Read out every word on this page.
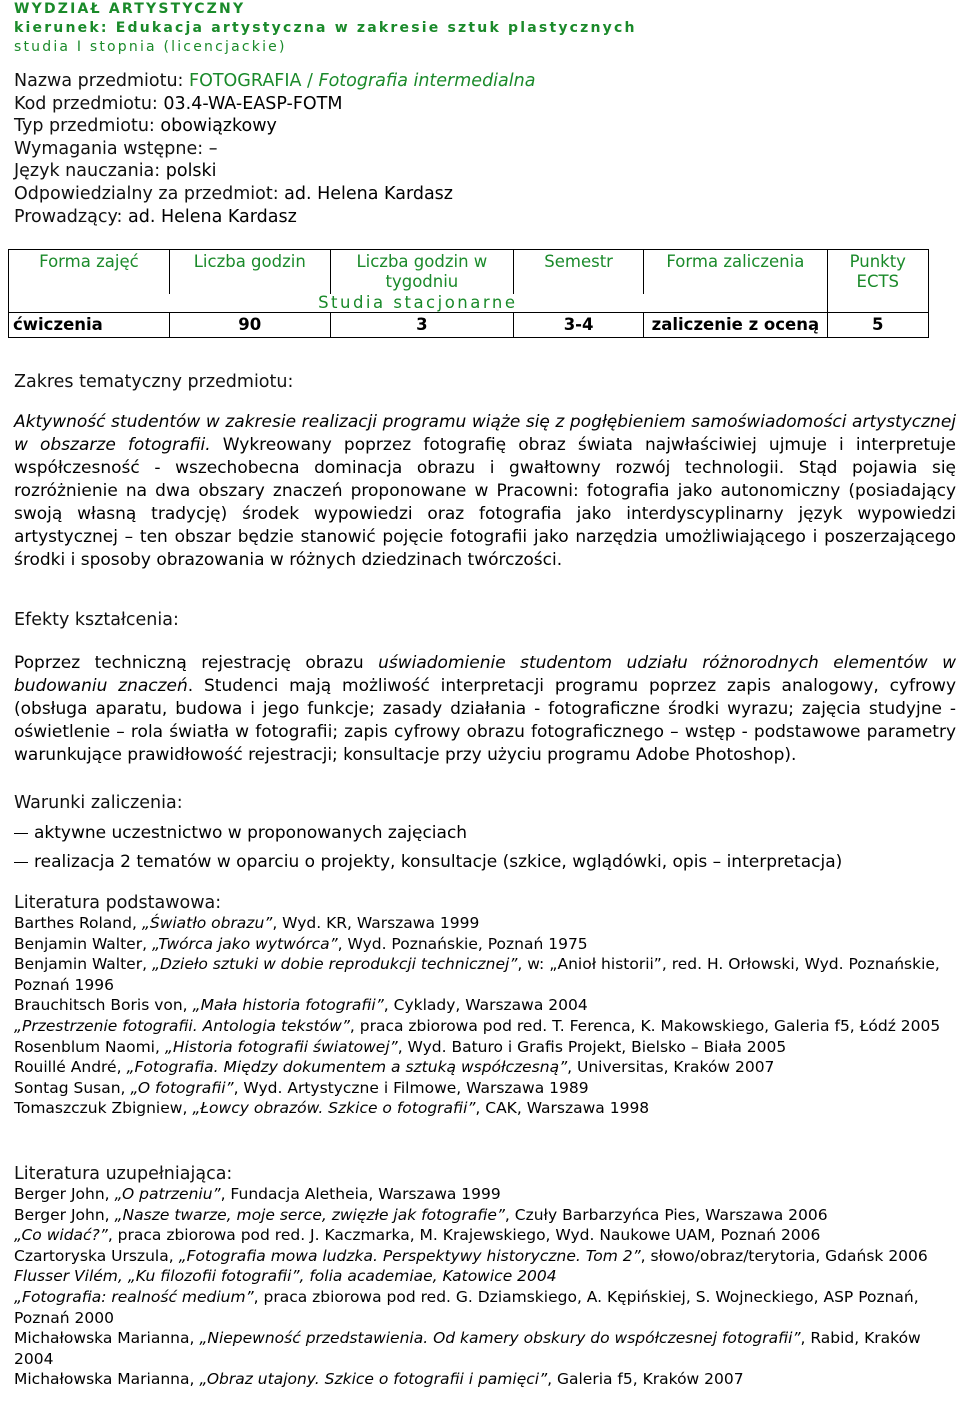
WYDZIAŁ ARTYSTYCZNY
kierunek: Edukacja artystyczna w zakresie sztuk plastycznych
studia I stopnia (licencjackie)
Nazwa przedmiotu: FOTOGRAFIA / Fotografia intermedialna
Kod przedmiotu: 03.4-WA-EASP-FOTM
Typ przedmiotu: obowiązkowy
Wymagania wstępne: –
Język nauczania: polski
Odpowiedzialny za przedmiot: ad. Helena Kardasz
Prowadzący: ad. Helena Kardasz
Forma zajęć	Liczba godzin	Liczba godzin w tygodniu	Semestr	Forma zaliczenia	Punkty ECTS
Studia stacjonarne					
ćwiczenia	90	3	3-4	zaliczenie z oceną	5
Zakres tematyczny przedmiotu:
Aktywność studentów w zakresie realizacji programu wiąże się z pogłębieniem samoświadomości artystycznej w obszarze fotografii. Wykreowany poprzez fotografię obraz świata najwłaściwiej ujmuje i interpretuje współczesność - wszechobecna dominacja obrazu i gwałtowny rozwój technologii. Stąd pojawia się rozróżnienie na dwa obszary znaczeń proponowane w Pracowni: fotografia jako autonomiczny (posiadający swoją własną tradycję) środek wypowiedzi oraz fotografia jako interdyscyplinarny język wypowiedzi artystycznej – ten obszar będzie stanowić pojęcie fotografii jako narzędzia umożliwiającego i poszerzającego środki i sposoby obrazowania w różnych dziedzinach twórczości.
Efekty kształcenia:
Poprzez techniczną rejestrację obrazu uświadomienie studentom udziału różnorodnych elementów w budowaniu znaczeń. Studenci mają możliwość interpretacji programu poprzez zapis analogowy, cyfrowy (obsługa aparatu, budowa i jego funkcje; zasady działania - fotograficzne środki wyrazu; zajęcia studyjne - oświetlenie – rola światła w fotografii; zapis cyfrowy obrazu fotograficznego – wstęp - podstawowe parametry warunkujące prawidłowość rejestracji; konsultacje przy użyciu programu Adobe Photoshop).
Warunki zaliczenia:
aktywne uczestnictwo w proponowanych zajęciach
realizacja 2 tematów w oparciu o projekty, konsultacje (szkice, wglądówki, opis – interpretacja)
Literatura podstawowa:
Barthes Roland, „Światło obrazu”, Wyd. KR, Warszawa 1999
Benjamin Walter, „Twórca jako wytwórca”, Wyd. Poznańskie, Poznań 1975
Benjamin Walter, „Dzieło sztuki w dobie reprodukcji technicznej”, w: „Anioł historii”, red. H. Orłowski, Wyd. Poznańskie, Poznań 1996
Brauchitsch Boris von, „Mała historia fotografii”, Cyklady, Warszawa 2004
„Przestrzenie fotografii. Antologia tekstów”, praca zbiorowa pod red. T. Ferenca, K. Makowskiego, Galeria f5, Łódź 2005
Rosenblum Naomi, „Historia fotografii światowej”, Wyd. Baturo i Grafis Projekt, Bielsko – Biała 2005
Rouillé André, „Fotografia. Między dokumentem a sztuką współczesną”, Universitas, Kraków 2007
Sontag Susan, „O fotografii”, Wyd. Artystyczne i Filmowe, Warszawa 1989
Tomaszczuk Zbigniew, „Łowcy obrazów. Szkice o fotografii”, CAK, Warszawa 1998
Literatura uzupełniająca:
Berger John, „O patrzeniu”, Fundacja Aletheia, Warszawa 1999
Berger John, „Nasze twarze, moje serce, zwięzłe jak fotografie”, Czuły Barbarzyńca Pies, Warszawa 2006
„Co widać?”, praca zbiorowa pod red. J. Kaczmarka, M. Krajewskiego, Wyd. Naukowe UAM, Poznań 2006
Czartoryska Urszula, „Fotografia mowa ludzka. Perspektywy historyczne. Tom 2”, słowo/obraz/terytoria, Gdańsk 2006
Flusser Vilém, „Ku filozofii fotografii”, folia academiae, Katowice 2004
„Fotografia: realność medium”, praca zbiorowa pod red. G. Dziamskiego, A. Kępińskiej, S. Wojneckiego, ASP Poznań, Poznań 2000
Michałowska Marianna, „Niepewność przedstawienia. Od kamery obskury do współczesnej fotografii”, Rabid, Kraków 2004
Michałowska Marianna, „Obraz utajony. Szkice o fotografii i pamięci”, Galeria f5, Kraków 2007
